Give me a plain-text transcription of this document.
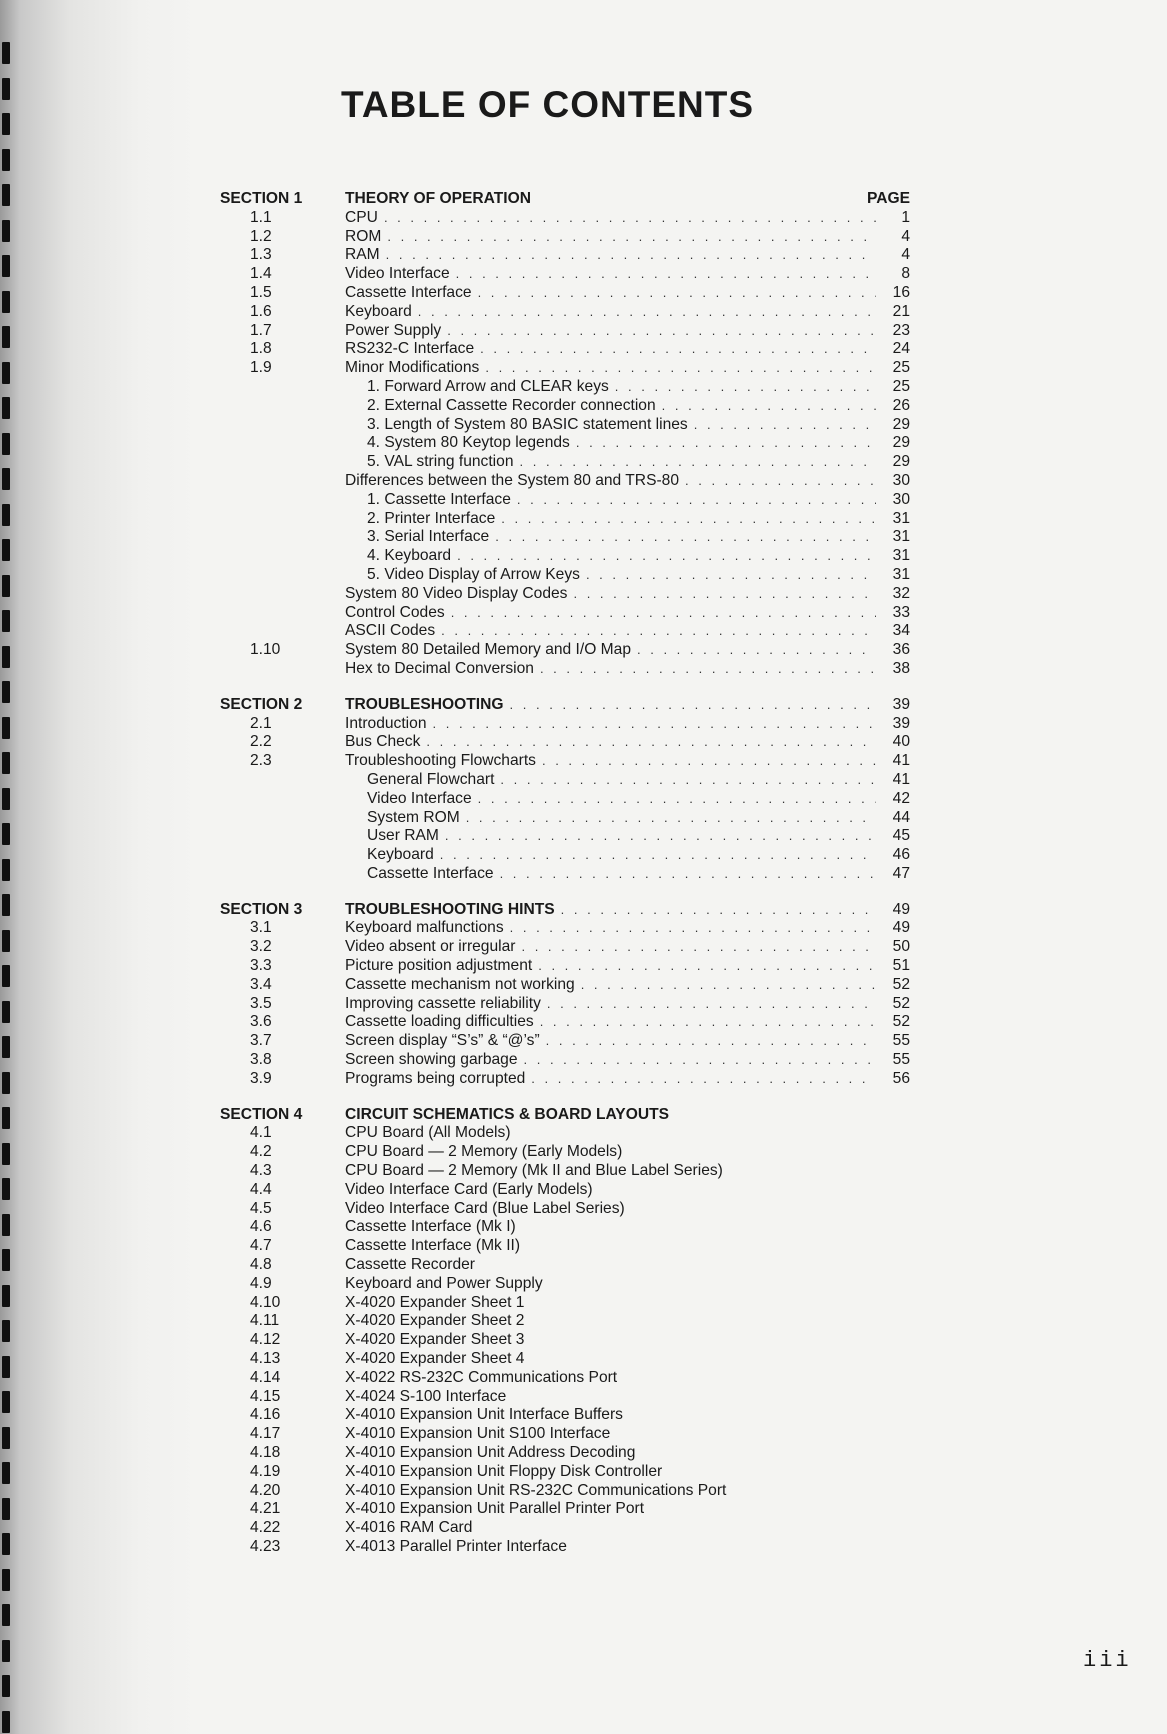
TABLE OF CONTENTS
SECTION 1	THEORY OF OPERATION	PAGE
1.1	CPU . . .	1
1.2	ROM . . .	4
1.3	RAM . . .	4
1.4	Video Interface . . .	8
1.5	Cassette Interface . . .	16
1.6	Keyboard . . .	21
1.7	Power Supply . . .	23
1.8	RS232-C Interface . . .	24
1.9	Minor Modifications . . .	25
1. Forward Arrow and CLEAR keys . . .	25
2. External Cassette Recorder connection . . .	26
3. Length of System 80 BASIC statement lines . . .	29
4. System 80 Keytop legends . . .	29
5. VAL string function . . .	29
Differences between the System 80 and TRS-80 . . .	30
1. Cassette Interface . . .	30
2. Printer Interface . . .	31
3. Serial Interface . . .	31
4. Keyboard . . .	31
5. Video Display of Arrow Keys . . .	31
System 80 Video Display Codes . . .	32
Control Codes . . .	33
ASCII Codes . . .	34
1.10	System 80 Detailed Memory and I/O Map . . .	36
Hex to Decimal Conversion . . .	38
SECTION 2	TROUBLESHOOTING . . .	39
2.1	Introduction . . .	39
2.2	Bus Check . . .	40
2.3	Troubleshooting Flowcharts . . .	41
General Flowchart . . .	41
Video Interface . . .	42
System ROM . . .	44
User RAM . . .	45
Keyboard . . .	46
Cassette Interface . . .	47
SECTION 3	TROUBLESHOOTING HINTS . . .	49
3.1	Keyboard malfunctions . . .	49
3.2	Video absent or irregular . . .	50
3.3	Picture position adjustment . . .	51
3.4	Cassette mechanism not working . . .	52
3.5	Improving cassette reliability . . .	52
3.6	Cassette loading difficulties . . .	52
3.7	Screen display “S’s” & “@’s” . . .	55
3.8	Screen showing garbage . . .	55
3.9	Programs being corrupted . . .	56
SECTION 4	CIRCUIT SCHEMATICS & BOARD LAYOUTS
4.1	CPU Board (All Models)
4.2	CPU Board — 2 Memory (Early Models)
4.3	CPU Board — 2 Memory (Mk II and Blue Label Series)
4.4	Video Interface Card (Early Models)
4.5	Video Interface Card (Blue Label Series)
4.6	Cassette Interface (Mk I)
4.7	Cassette Interface (Mk II)
4.8	Cassette Recorder
4.9	Keyboard and Power Supply
4.10	X-4020 Expander Sheet 1
4.11	X-4020 Expander Sheet 2
4.12	X-4020 Expander Sheet 3
4.13	X-4020 Expander Sheet 4
4.14	X-4022 RS-232C Communications Port
4.15	X-4024 S-100 Interface
4.16	X-4010 Expansion Unit Interface Buffers
4.17	X-4010 Expansion Unit S100 Interface
4.18	X-4010 Expansion Unit Address Decoding
4.19	X-4010 Expansion Unit Floppy Disk Controller
4.20	X-4010 Expansion Unit RS-232C Communications Port
4.21	X-4010 Expansion Unit Parallel Printer Port
4.22	X-4016 RAM Card
4.23	X-4013 Parallel Printer Interface
iii
